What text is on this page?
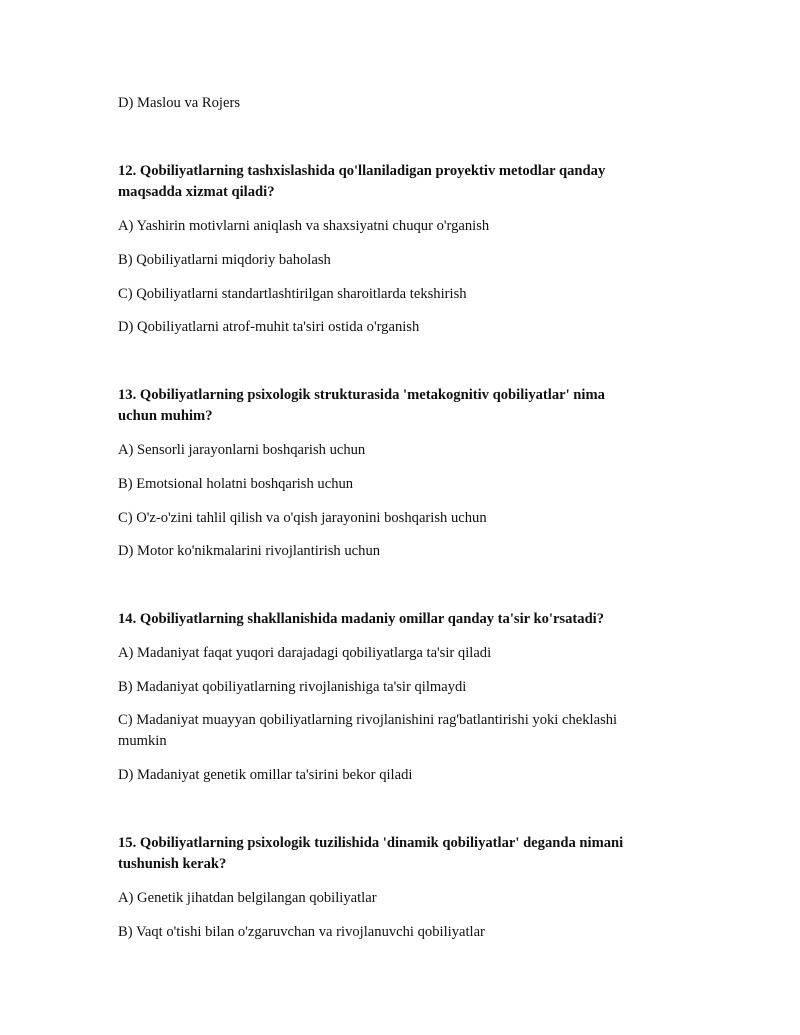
D) Maslou va Rojers
12. Qobiliyatlarning tashxislashida qo'llaniladigan proyektiv metodlar qanday
maqsadda xizmat qiladi?
A) Yashirin motivlarni aniqlash va shaxsiyatni chuqur o'rganish
B) Qobiliyatlarni miqdoriy baholash
C) Qobiliyatlarni standartlashtirilgan sharoitlarda tekshirish
D) Qobiliyatlarni atrof-muhit ta'siri ostida o'rganish
13. Qobiliyatlarning psixologik strukturasida 'metakognitiv qobiliyatlar' nima
uchun muhim?
A) Sensorli jarayonlarni boshqarish uchun
B) Emotsional holatni boshqarish uchun
C) O'z-o'zini tahlil qilish va o'qish jarayonini boshqarish uchun
D) Motor ko'nikmalarini rivojlantirish uchun
14. Qobiliyatlarning shakllanishida madaniy omillar qanday ta'sir ko'rsatadi?
A) Madaniyat faqat yuqori darajadagi qobiliyatlarga ta'sir qiladi
B) Madaniyat qobiliyatlarning rivojlanishiga ta'sir qilmaydi
C) Madaniyat muayyan qobiliyatlarning rivojlanishini rag'batlantirishi yoki cheklashi
mumkin
D) Madaniyat genetik omillar ta'sirini bekor qiladi
15. Qobiliyatlarning psixologik tuzilishida 'dinamik qobiliyatlar' deganda nimani
tushunish kerak?
A) Genetik jihatdan belgilangan qobiliyatlar
B) Vaqt o'tishi bilan o'zgaruvchan va rivojlanuvchi qobiliyatlar
